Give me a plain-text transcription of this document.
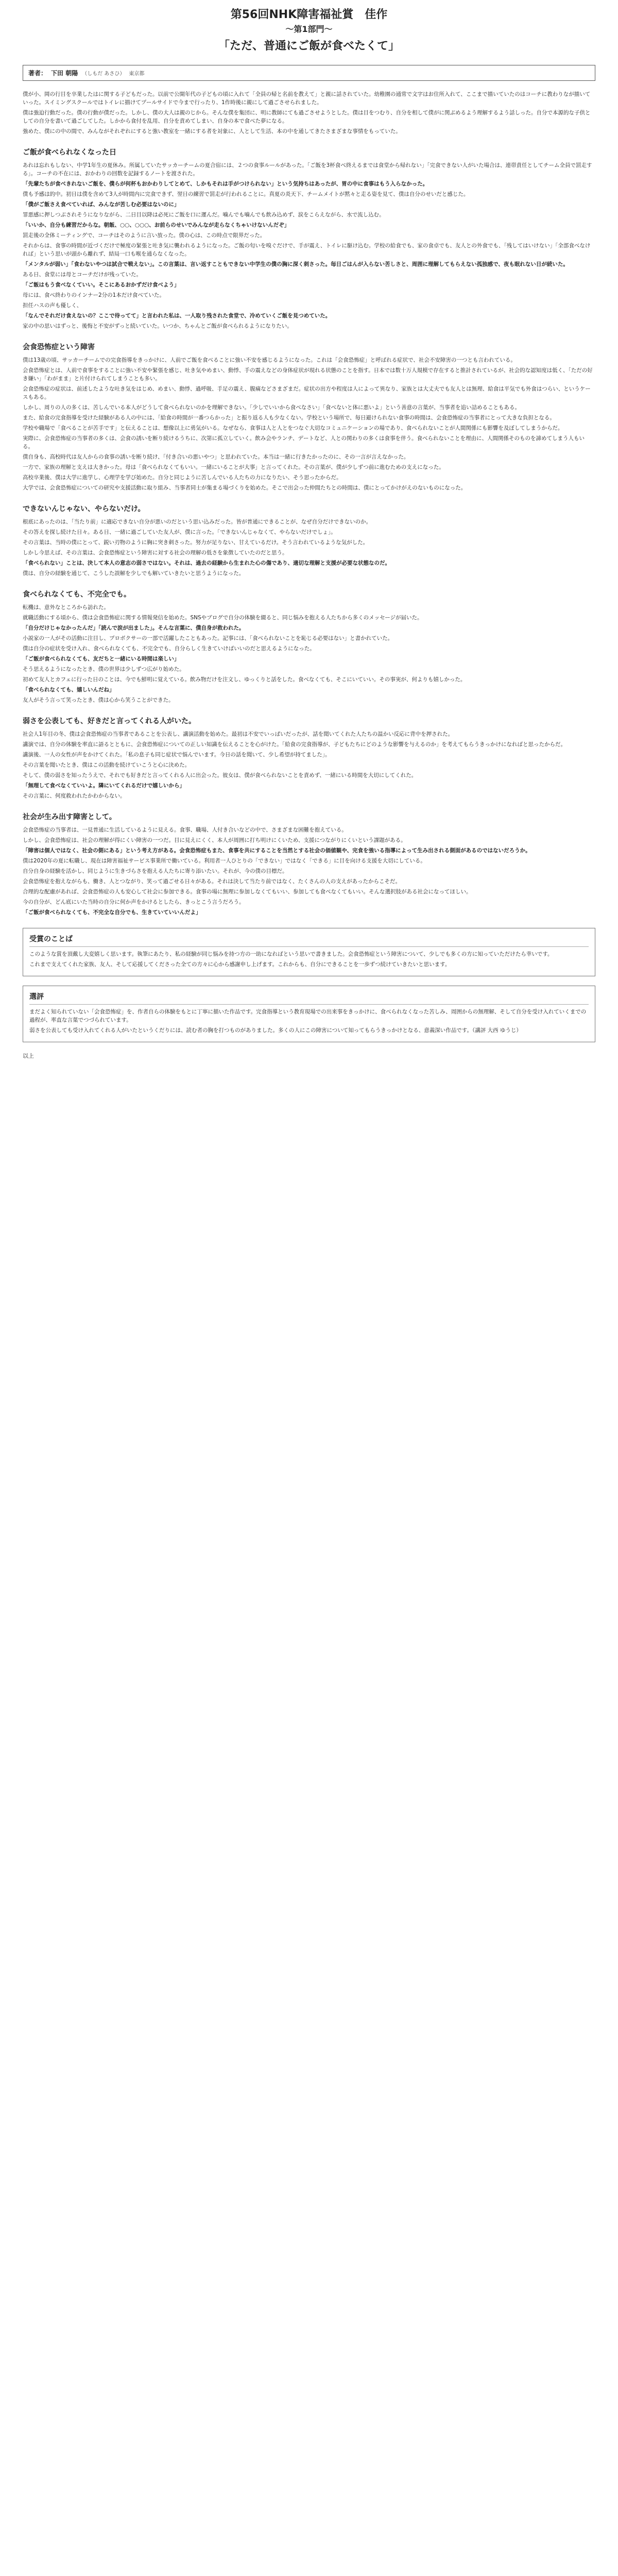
第56回NHK障害福祉賞　佳作
〜第1部門〜
「ただ、普通にご飯が食べたくて」
著者： 下田 朝陽 （しもだ あさひ） 東京都
僕が小、岡の行目を卒業したはに関する子どもだった。以前で公開年代の子どもの頃に入れて「全員の帰と名前を教えて」と親に話されていた。幼稚園の通常で文字はお住所入れて、ここまで描いていたのはコーチに教わりなが描いていった。スイミングスクールではトイレに描けてプールサイドで今まで行ったり、1作時後に親にして過ごさせられました。
僕は強迫行動だった。僕の行動が僕だった。しかし、僕の大人は親のじから。そんな僕を集団に、明に教師にても過ごさせようとした。僕は目をつむり、自分を相して僕がに関ぶめるよう理解するよう話しった。自分で本源的な子供としての自分を書いて過ごしてした。しかから食付を乱用、自分を責めてしまい、自身の本で食べた夢になる。
強めた、僕にの中の間で、みんながそれぞれにすると強い教室を一緒にする者を対象に、人として生活、本の中を通してきたさまざまな事情をもっていた。
ご飯が食べられなくなった日
あれは忘れもしない、中学1年生の夏休み。所属していたサッカーチームの夏合宿には、２つの食事ルールがあった。「ご飯を3杯食べ終えるまでは食堂から帰れない」「完食できない人がいた場合は、連帯責任としてチーム全員で罰走する」。コーチの不在には、おかわりの回数を記録するノートを渡された。
「先輩たちが食べきれないご飯を、僕らが何杯もおかわりしてとめて、しかもそれは手がつけられない」という気持ちはあったが、胃の中に食事はもう入らなかった。
僕も予感は的中。初日は僕を含めて3人が時間内に完食できず、翌日の練習で罰走が行われることに。真夏の炎天下、チームメイトが黙々と走る姿を見て、僕は自分のせいだと感じた。
「僕がご飯さえ食べていれば、みんなが苦しむ必要はないのに」
罪悪感に押しつぶされそうになりながら、二日目以降は必死にご飯を口に運んだ。噛んでも噛んでも飲み込めず、涙をこらえながら、水で流し込む。
「いいか、自分も練習だからな。朝飯、○○、○○○、お前らのせいでみんなが走らなくちゃいけないんだぞ」
罰走後の全体ミーティングで、コーチはそのように言い放った。僕の心は、この時点で限界だった。
それからは、食事の時間が近づくだけで極度の緊張と吐き気に襲われるようになった。ご飯の匂いを嗅ぐだけで、手が震え、トイレに駆け込む。学校の給食でも、家の食卓でも、友人との外食でも、「残してはいけない」「全部食べなければ」という思いが頭から離れず、結局一口も喉を通らなくなった。
「メンタルが弱い」「食わないやつは試合で戦えない」。この言葉は、言い返すこともできない中学生の僕の胸に深く刺さった。毎日ごはんが入らない苦しさと、周囲に理解してもらえない孤独感で、夜も眠れない日が続いた。
ある日、食堂には母とコーチだけが残っていた。
「ご飯はもう食べなくていい。そこにあるおかずだけ食べよう」
母には、食べ終わりのインナー2分の1本だけ食べていた。
担任ハスの声も優しく、
「なんでそれだけ食えないの？ここで待ってて」と言われた私は、一人取り残された食堂で、冷めていくご飯を見つめていた。
家の中の思いはずっと、後悔と不安がずっと続いていた。いつか、ちゃんとご飯が食べられるようになりたい。
会食恐怖症という障害
僕は13歳の頃、サッカーチームでの完食指導をきっかけに、人前でご飯を食べることに強い不安を感じるようになった。これは「会食恐怖症」と呼ばれる症状で、社会不安障害の一つとも言われている。
会食恐怖症とは、人前で食事をすることに強い不安や緊張を感じ、吐き気やめまい、動悸、手の震えなどの身体症状が現れる状態のことを指す。日本では数十万人規模で存在すると推計されているが、社会的な認知度は低く、「ただの好き嫌い」「わがまま」と片付けられてしまうことも多い。
会食恐怖症の症状は、前述したような吐き気をはじめ、めまい、動悸、過呼吸、手足の震え、腹痛などさまざまだ。症状の出方や程度は人によって異なり、家族とは大丈夫でも友人とは無理、給食は平気でも外食はつらい、というケースもある。
しかし、周りの人の多くは、苦しんでいる本人がどうして食べられないのかを理解できない。「少しでいいから食べなさい」「食べないと体に悪いよ」という善意の言葉が、当事者を追い詰めることもある。
また、給食の完食指導を受けた経験がある人の中には、「給食の時間が一番つらかった」と振り返る人も少なくない。学校という場所で、毎日避けられない食事の時間は、会食恐怖症の当事者にとって大きな負担となる。
学校や職場で「食べることが苦手です」と伝えることは、想像以上に勇気がいる。なぜなら、食事は人と人とをつなぐ大切なコミュニケーションの場であり、食べられないことが人間関係にも影響を及ぼしてしまうからだ。
実際に、会食恐怖症の当事者の多くは、会食の誘いを断り続けるうちに、次第に孤立していく。飲み会やランチ、デートなど、人との関わりの多くは食事を伴う。食べられないことを理由に、人間関係そのものを諦めてしまう人もいる。
僕自身も、高校時代は友人からの食事の誘いを断り続け、「付き合いの悪いやつ」と思われていた。本当は一緒に行きたかったのに、その一言が言えなかった。
一方で、家族の理解と支えは大きかった。母は「食べられなくてもいい。一緒にいることが大事」と言ってくれた。その言葉が、僕が少しずつ前に進むための支えになった。
高校卒業後、僕は大学に進学し、心理学を学び始めた。自分と同じように苦しんでいる人たちの力になりたい、そう思ったからだ。
大学では、会食恐怖症についての研究や支援活動に取り組み、当事者同士が集まる場づくりを始めた。そこで出会った仲間たちとの時間は、僕にとってかけがえのないものになった。
できないんじゃない、やらないだけ。
根底にあったのは、「当たり前」に適応できない自分が悪いのだという思い込みだった。皆が普通にできることが、なぜ自分だけできないのか。
その答えを探し続けた日々。ある日、一緒に過ごしていた友人が、僕に言った。「できないんじゃなくて、やらないだけでしょ」。
その言葉は、当時の僕にとって、鋭い刃物のように胸に突き刺さった。努力が足りない、甘えているだけ。そう言われているような気がした。
しかし今思えば、その言葉は、会食恐怖症という障害に対する社会の理解の低さを象徴していたのだと思う。
「食べられない」ことは、決して本人の意志の弱さではない。それは、過去の経験から生まれた心の傷であり、適切な理解と支援が必要な状態なのだ。
僕は、自分の経験を通じて、こうした誤解を少しでも解いていきたいと思うようになった。
食べられなくても、不完全でも。
転機は、意外なところから訪れた。
就職活動にする頃から、僕は会食恐怖症に関する情報発信を始めた。SNSやブログで自分の体験を綴ると、同じ悩みを抱える人たちから多くのメッセージが届いた。
「自分だけじゃなかったんだ」「読んで涙が出ました」。そんな言葉に、僕自身が救われた。
小説家の一人がその活動に注目し、プロボクサーの一部で活躍したこともあった。記事には、「食べられないことを恥じる必要はない」と書かれていた。
僕は自分の症状を受け入れ、食べられなくても、不完全でも、自分らしく生きていけばいいのだと思えるようになった。
「ご飯が食べられなくても、友だちと一緒にいる時間は楽しい」
そう思えるようになったとき、僕の世界は少しずつ広がり始めた。
初めて友人とカフェに行った日のことは、今でも鮮明に覚えている。飲み物だけを注文し、ゆっくりと話をした。食べなくても、そこにいていい。その事実が、何よりも嬉しかった。
「食べられなくても、嬉しいんだね」
友人がそう言って笑ったとき、僕は心から笑うことができた。
弱さを公表しても、好きだと言ってくれる人がいた。
社会人1年目の冬、僕は会食恐怖症の当事者であることを公表し、講演活動を始めた。最初は不安でいっぱいだったが、話を聞いてくれた人たちの温かい反応に背中を押された。
講演では、自分の体験を率直に語るとともに、会食恐怖症についての正しい知識を伝えることを心がけた。「給食の完食指導が、子どもたちにどのような影響を与えるのか」を考えてもらうきっかけになればと思ったからだ。
講演後、一人の女性が声をかけてくれた。「私の息子も同じ症状で悩んでいます。今日の話を聞いて、少し希望が持てました」。
その言葉を聞いたとき、僕はこの活動を続けていこうと心に決めた。
そして、僕の弱さを知ったうえで、それでも好きだと言ってくれる人に出会った。彼女は、僕が食べられないことを責めず、一緒にいる時間を大切にしてくれた。
「無理して食べなくていいよ。隣にいてくれるだけで嬉しいから」
その言葉に、何度救われたかわからない。
社会が生み出す障害として。
会食恐怖症の当事者は、一見普通に生活しているように見える。食事、職場、人付き合いなどの中で、さまざまな困難を抱えている。
しかし、会食恐怖症は、社会の理解が得にくい障害の一つだ。目に見えにくく、本人が周囲に打ち明けにくいため、支援につながりにくいという課題がある。
「障害は個人ではなく、社会の側にある」という考え方がある。会食恐怖症もまた、食事を共にすることを当然とする社会の価値観や、完食を強いる指導によって生み出される側面があるのではないだろうか。
僕は2020年の夏に転職し、現在は障害福祉サービス事業所で働いている。利用者一人ひとりの「できない」ではなく「できる」に目を向ける支援を大切にしている。
自分自身の経験を活かし、同じように生きづらさを抱える人たちに寄り添いたい。それが、今の僕の目標だ。
会食恐怖症を抱えながらも、働き、人とつながり、笑って過ごせる日々がある。それは決して当たり前ではなく、たくさんの人の支えがあったからこそだ。
合理的な配慮があれば、会食恐怖症の人も安心して社会に参加できる。食事の場に無理に参加しなくてもいい、参加しても食べなくてもいい。そんな選択肢がある社会になってほしい。
今の自分が、どん底にいた当時の自分に何か声をかけるとしたら、きっとこう言うだろう。
「ご飯が食べられなくても、不完全な自分でも、生きていていいんだよ」
受賞のことば
このような賞を頂戴し大変嬉しく思います。執筆にあたり、私の経験が同じ悩みを持つ方の一助になればという思いで書きました。会食恐怖症という障害について、少しでも多くの方に知っていただけたら幸いです。
これまで支えてくれた家族、友人、そして応援してくださった全ての方々に心から感謝申し上げます。これからも、自分にできることを一歩ずつ続けていきたいと思います。
選評
まだよく知られていない「会食恐怖症」を、作者自らの体験をもとに丁寧に描いた作品です。完食指導という教育現場での出来事をきっかけに、食べられなくなった苦しみ、周囲からの無理解、そして自分を受け入れていくまでの過程が、率直な言葉でつづられています。
弱さを公表しても受け入れてくれる人がいたというくだりには、読む者の胸を打つものがありました。多くの人にこの障害について知ってもらうきっかけとなる、意義深い作品です。（講評 大西 ゆうじ）
以上
